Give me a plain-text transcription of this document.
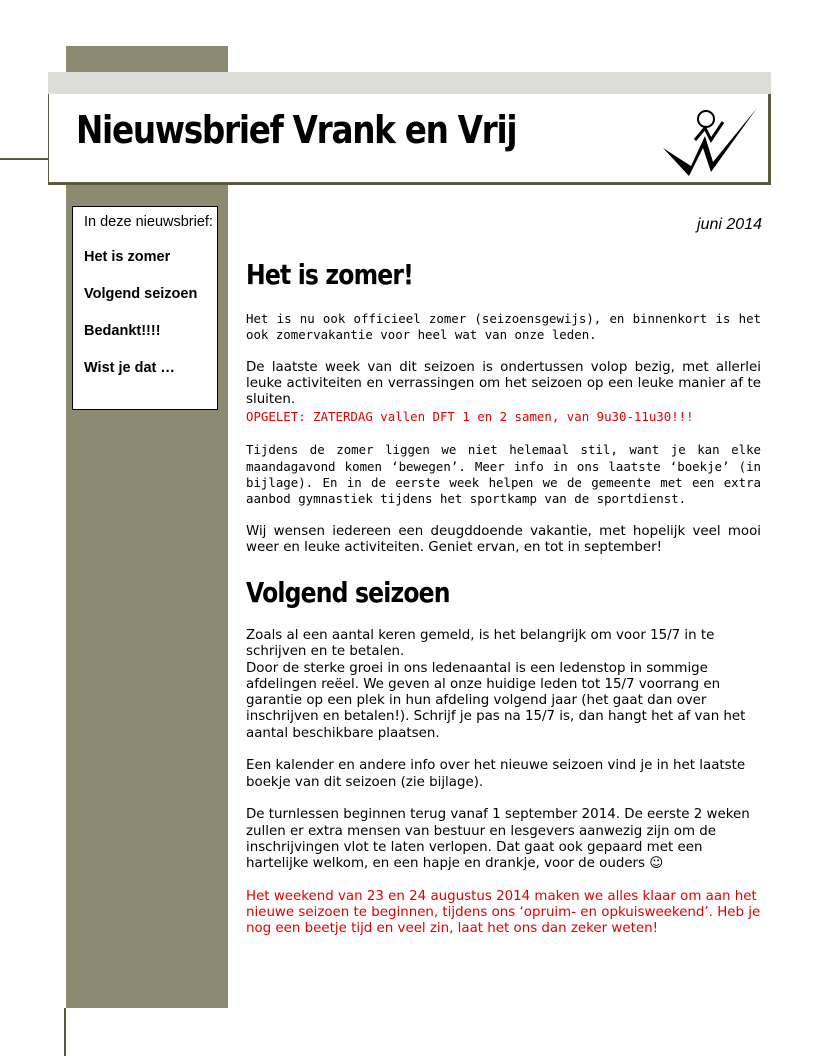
Nieuwsbrief Vrank en Vrij
In deze nieuwsbrief:
Het is zomer
Volgend seizoen
Bedankt!!!!
Wist je dat …

juni 2014

Het is zomer!

Het is nu ook officieel zomer (seizoensgewijs), en binnenkort is het ook zomervakantie voor heel wat van onze leden.

De laatste week van dit seizoen is ondertussen volop bezig, met allerlei leuke activiteiten en verrassingen om het seizoen op een leuke manier af te sluiten.
OPGELET: ZATERDAG vallen DFT 1 en 2 samen, van 9u30-11u30!!!

Tijdens de zomer liggen we niet helemaal stil, want je kan elke maandagavond komen ‘bewegen’. Meer info in ons laatste ‘boekje’ (in bijlage). En in de eerste week helpen we de gemeente met een extra aanbod gymnastiek tijdens het sportkamp van de sportdienst.

Wij wensen iedereen een deugddoende vakantie, met hopelijk veel mooi weer en leuke activiteiten. Geniet ervan, en tot in september!

Volgend seizoen

Zoals al een aantal keren gemeld, is het belangrijk om voor 15/7 in te schrijven en te betalen.
Door de sterke groei in ons ledenaantal is een ledenstop in sommige afdelingen reëel. We geven al onze huidige leden tot 15/7 voorrang en garantie op een plek in hun afdeling volgend jaar (het gaat dan over inschrijven en betalen!). Schrijf je pas na 15/7 is, dan hangt het af van het aantal beschikbare plaatsen.

Een kalender en andere info over het nieuwe seizoen vind je in het laatste boekje van dit seizoen (zie bijlage).

De turnlessen beginnen terug vanaf 1 september 2014. De eerste 2 weken zullen er extra mensen van bestuur en lesgevers aanwezig zijn om de inschrijvingen vlot te laten verlopen. Dat gaat ook gepaard met een hartelijke welkom, en een hapje en drankje, voor de ouders ☺

Het weekend van 23 en 24 augustus 2014 maken we alles klaar om aan het nieuwe seizoen te beginnen, tijdens ons ‘opruim- en opkuisweekend’. Heb je nog een beetje tijd en veel zin, laat het ons dan zeker weten!
